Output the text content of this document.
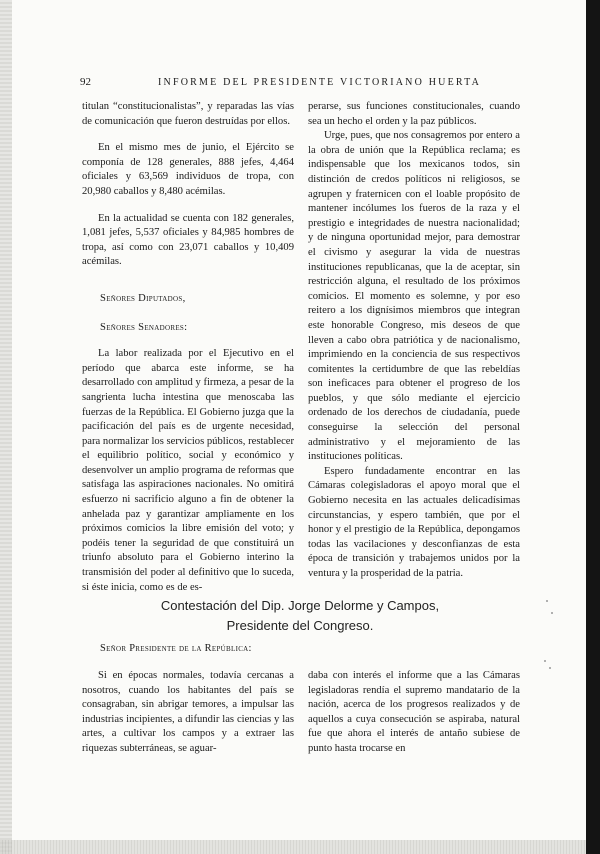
92	INFORME DEL PRESIDENTE VICTORIANO HUERTA

titulan “constitucionalistas”, y reparadas las vías de comunicación que fueron destruídas por ellos.

En el mismo mes de junio, el Ejército se componía de 128 generales, 888 jefes, 4,464 oficiales y 63,569 individuos de tropa, con 20,980 caballos y 8,480 acémilas.

En la actualidad se cuenta con 182 generales, 1,081 jefes, 5,537 oficiales y 84,985 hombres de tropa, así como con 23,071 caballos y 10,409 acémilas.

Señores Diputados,

Señores Senadores:

La labor realizada por el Ejecutivo en el período que abarca este informe, se ha desarrollado con amplitud y firmeza, a pesar de la sangrienta lucha intestina que menoscaba las fuerzas de la República. El Gobierno juzga que la pacificación del país es de urgente necesidad, para normalizar los servicios públicos, restablecer el equilibrio político, social y económico y desenvolver un amplio programa de reformas que satisfaga las aspiraciones nacionales. No omitirá esfuerzo ni sacrificio alguno a fin de obtener la anhelada paz y garantizar ampliamente en los próximos comicios la libre emisión del voto; y podéis tener la seguridad de que constituirá un triunfo absoluto para el Gobierno interino la transmisión del poder al definitivo que lo suceda, si éste inicia, como es de es-

perarse, sus funciones constitucionales, cuando sea un hecho el orden y la paz públicos.

Urge, pues, que nos consagremos por entero a la obra de unión que la República reclama; es indispensable que los mexicanos todos, sin distinción de credos políticos ni religiosos, se agrupen y fraternicen con el loable propósito de mantener incólumes los fueros de la raza y el prestigio e integridades de nuestra nacionalidad; y de ninguna oportunidad mejor, para demostrar el civismo y asegurar la vida de nuestras instituciones republicanas, que la de aceptar, sin restricción alguna, el resultado de los próximos comicios. El momento es solemne, y por eso reitero a los dignísimos miembros que integran este honorable Congreso, mis deseos de que lleven a cabo obra patriótica y de nacionalismo, imprimiendo en la conciencia de sus respectivos comitentes la certidumbre de que las rebeldías son ineficaces para obtener el progreso de los pueblos, y que sólo mediante el ejercicio ordenado de los derechos de ciudadanía, puede conseguirse la selección del personal administrativo y el mejoramiento de las instituciones políticas.

Espero fundadamente encontrar en las Cámaras colegisladoras el apoyo moral que el Gobierno necesita en las actuales delicadísimas circunstancias, y espero también, que por el honor y el prestigio de la República, depongamos todas las vacilaciones y desconfianzas de esta época de transición y trabajemos unidos por la ventura y la prosperidad de la patria.

Contestación del Dip. Jorge Delorme y Campos,
Presidente del Congreso.
Señor Presidente de la República:

Si en épocas normales, todavía cercanas a nosotros, cuando los habitantes del país se consagraban, sin abrigar temores, a impulsar las industrias incipientes, a difundir las ciencias y las artes, a cultivar los campos y a extraer las riquezas subterráneas, se aguar-

daba con interés el informe que a las Cámaras legisladoras rendía el supremo mandatario de la nación, acerca de los progresos realizados y de aquellos a cuya consecución se aspiraba, natural fue que ahora el interés de antaño subiese de punto hasta trocarse en
